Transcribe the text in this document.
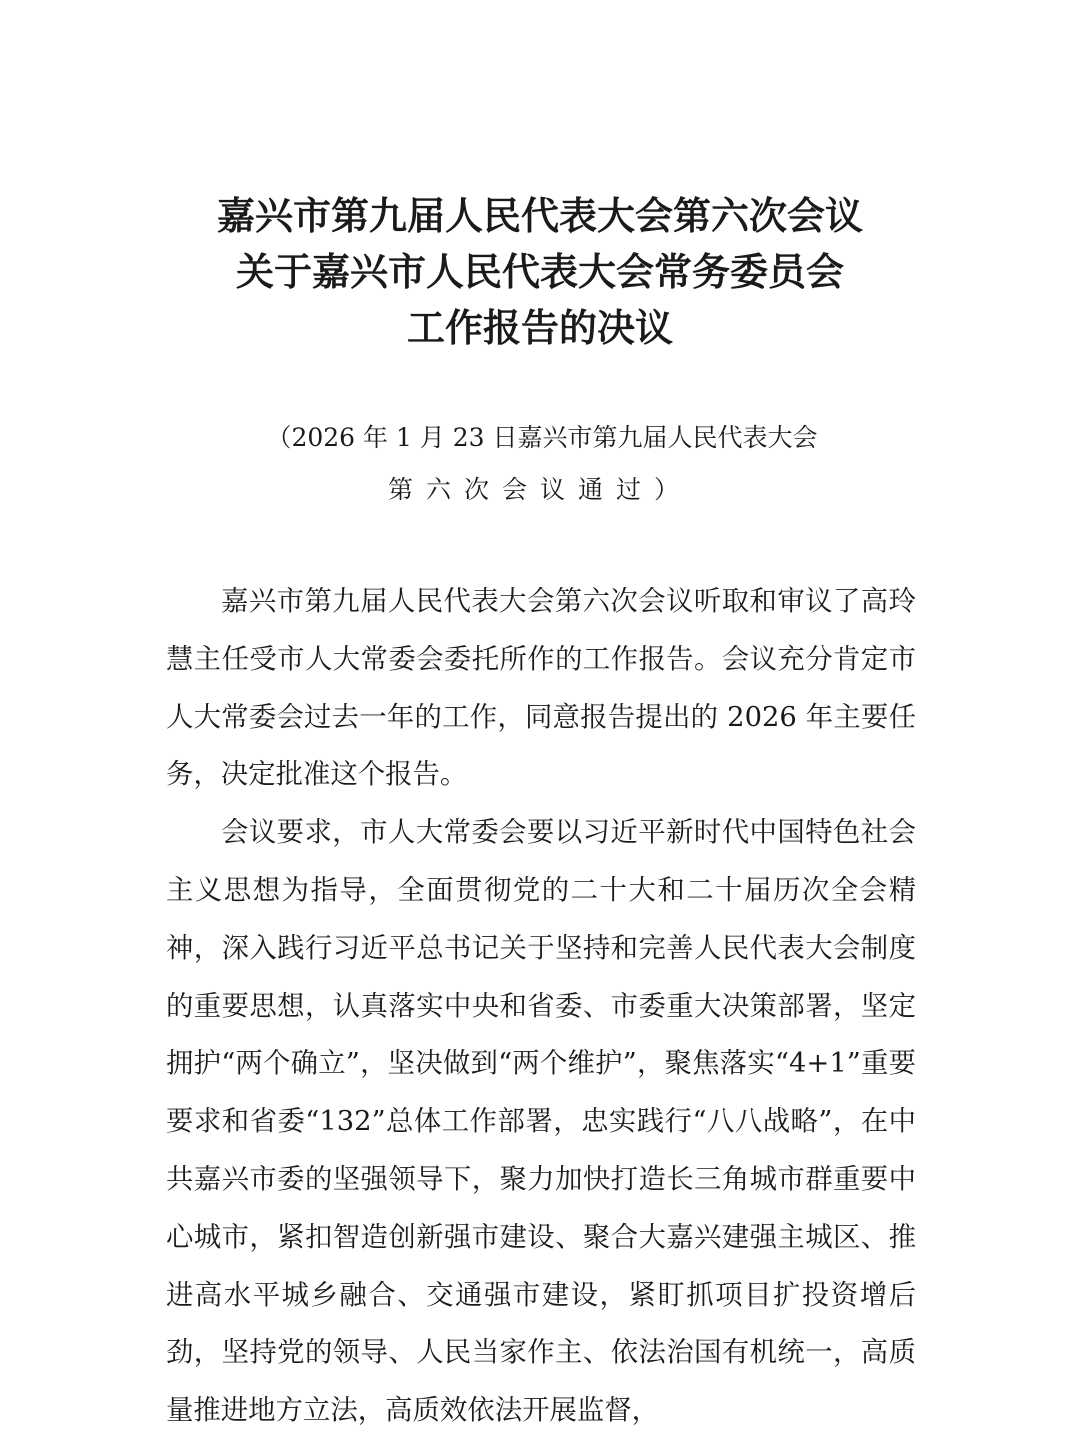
嘉兴市第九届人民代表大会第六次会议
关于嘉兴市人民代表大会常务委员会
工作报告的决议
（2026 年 1 月 23 日嘉兴市第九届人民代表大会
第六次会议通过）

嘉兴市第九届人民代表大会第六次会议听取和审议了高玲慧主任受市人大常委会委托所作的工作报告。会议充分肯定市人大常委会过去一年的工作，同意报告提出的 2026 年主要任务，决定批准这个报告。

会议要求，市人大常委会要以习近平新时代中国特色社会主义思想为指导，全面贯彻党的二十大和二十届历次全会精神，深入践行习近平总书记关于坚持和完善人民代表大会制度的重要思想，认真落实中央和省委、市委重大决策部署，坚定拥护“两个确立”，坚决做到“两个维护”，聚焦落实“4+1”重要要求和省委“132”总体工作部署，忠实践行“八八战略”，在中共嘉兴市委的坚强领导下，聚力加快打造长三角城市群重要中心城市，紧扣智造创新强市建设、聚合大嘉兴建强主城区、推进高水平城乡融合、交通强市建设，紧盯抓项目扩投资增后劲，坚持党的领导、人民当家作主、依法治国有机统一，高质量推进地方立法，高质效依法开展监督，
